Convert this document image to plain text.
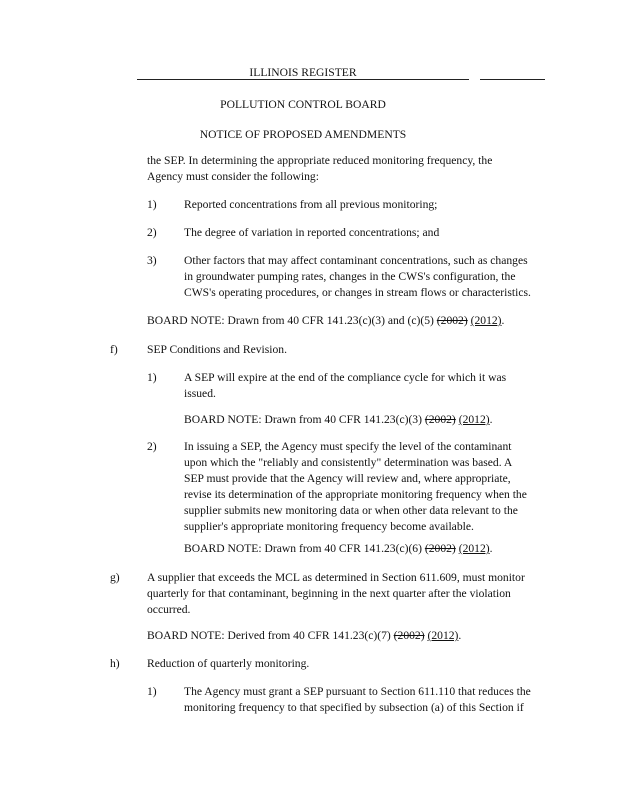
ILLINOIS REGISTER
POLLUTION CONTROL BOARD
NOTICE OF PROPOSED AMENDMENTS
the SEP. In determining the appropriate reduced monitoring frequency, the
Agency must consider the following:
1) Reported concentrations from all previous monitoring;
2) The degree of variation in reported concentrations; and
3) Other factors that may affect contaminant concentrations, such as changes
in groundwater pumping rates, changes in the CWS's configuration, the
CWS's operating procedures, or changes in stream flows or characteristics.
BOARD NOTE: Drawn from 40 CFR 141.23(c)(3) and (c)(5) (2002) (2012).
f)	SEP Conditions and Revision.
1) A SEP will expire at the end of the compliance cycle for which it was
issued.
BOARD NOTE: Drawn from 40 CFR 141.23(c)(3) (2002) (2012).
2) In issuing a SEP, the Agency must specify the level of the contaminant
upon which the "reliably and consistently" determination was based. A
SEP must provide that the Agency will review and, where appropriate,
revise its determination of the appropriate monitoring frequency when the
supplier submits new monitoring data or when other data relevant to the
supplier's appropriate monitoring frequency become available.
BOARD NOTE: Drawn from 40 CFR 141.23(c)(6) (2002) (2012).
g) A supplier that exceeds the MCL as determined in Section 611.609, must monitor
quarterly for that contaminant, beginning in the next quarter after the violation
occurred.
BOARD NOTE: Derived from 40 CFR 141.23(c)(7) (2002) (2012).
h) Reduction of quarterly monitoring.
1) The Agency must grant a SEP pursuant to Section 611.110 that reduces the
monitoring frequency to that specified by subsection (a) of this Section if
